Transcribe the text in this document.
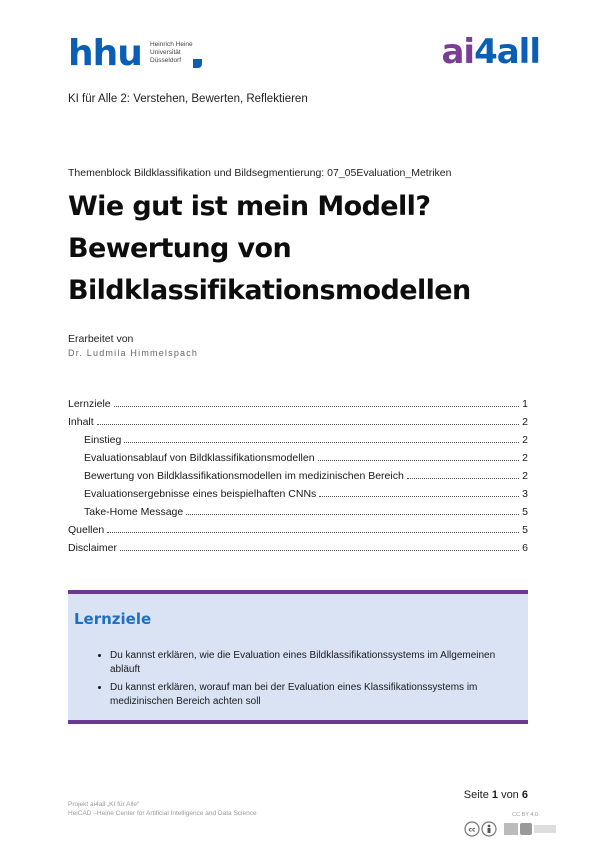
hhu	Heinrich Heine
Universität
Düsseldorf	ai4all
KI für Alle 2: Verstehen, Bewerten, Reflektieren
Themenblock Bildklassifikation und Bildsegmentierung: 07_05Evaluation_Metriken
Wie gut ist mein Modell?
Bewertung von
Bildklassifikationsmodellen
Erarbeitet von
Dr. Ludmila Himmelspach
Lernziele	1
Inhalt	2
Einstieg	2
Evaluationsablauf von Bildklassifikationsmodellen	2
Bewertung von Bildklassifikationsmodellen im medizinischen Bereich	2
Evaluationsergebnisse eines beispielhaften CNNs	3
Take-Home Message	5
Quellen	5
Disclaimer	6
Lernziele
• Du kannst erklären, wie die Evaluation eines Bildklassifikationssystems im Allgemeinen abläuft
• Du kannst erklären, worauf man bei der Evaluation eines Klassifikationssystems im medizinischen Bereich achten soll
Seite 1 von 6
Projekt ai4all „KI für Alle“
HeiCAD –Heine Center for Artificial Intelligence and Data Science	CC BY 4.0
cc
